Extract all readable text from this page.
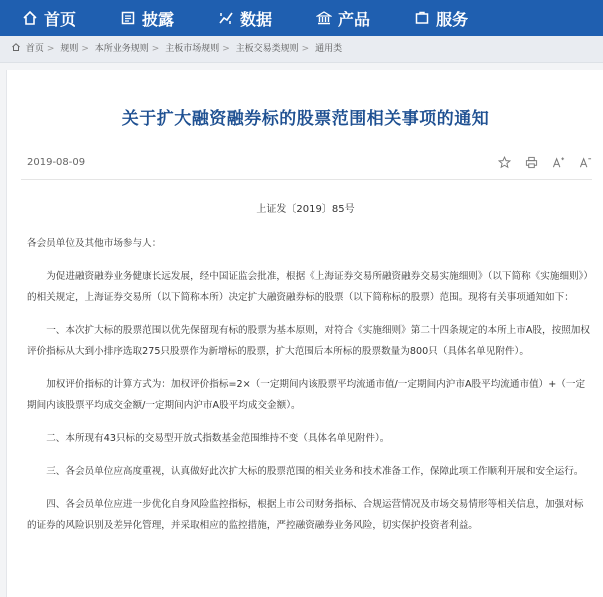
首页	披露	数据	产品	服务
首页 > 规则 > 本所业务规则 > 主板市场规则 > 主板交易类规则 > 通用类
关于扩大融资融券标的股票范围相关事项的通知
2019-08-09
上证发〔2019〕85号

各会员单位及其他市场参与人：

为促进融资融券业务健康长远发展，经中国证监会批准，根据《上海证券交易所融资融券交易实施细则》（以下简称《实施细则》）的相关规定，上海证券交易所（以下简称本所）决定扩大融资融券标的股票（以下简称标的股票）范围。现将有关事项通知如下：

一、本次扩大标的股票范围以优先保留现有标的股票为基本原则，对符合《实施细则》第二十四条规定的本所上市A股，按照加权评价指标从大到小排序选取275只股票作为新增标的股票，扩大范围后本所标的股票数量为800只（具体名单见附件）。

加权评价指标的计算方式为：加权评价指标=2×（一定期间内该股票平均流通市值/一定期间内沪市A股平均流通市值）+（一定期间内该股票平均成交金额/一定期间内沪市A股平均成交金额）。

二、本所现有43只标的交易型开放式指数基金范围维持不变（具体名单见附件）。

三、各会员单位应高度重视，认真做好此次扩大标的股票范围的相关业务和技术准备工作，保障此项工作顺利开展和安全运行。

四、各会员单位应进一步优化自身风险监控指标，根据上市公司财务指标、合规运营情况及市场交易情形等相关信息，加强对标的证券的风险识别及差异化管理，并采取相应的监控措施，严控融资融券业务风险，切实保护投资者利益。
